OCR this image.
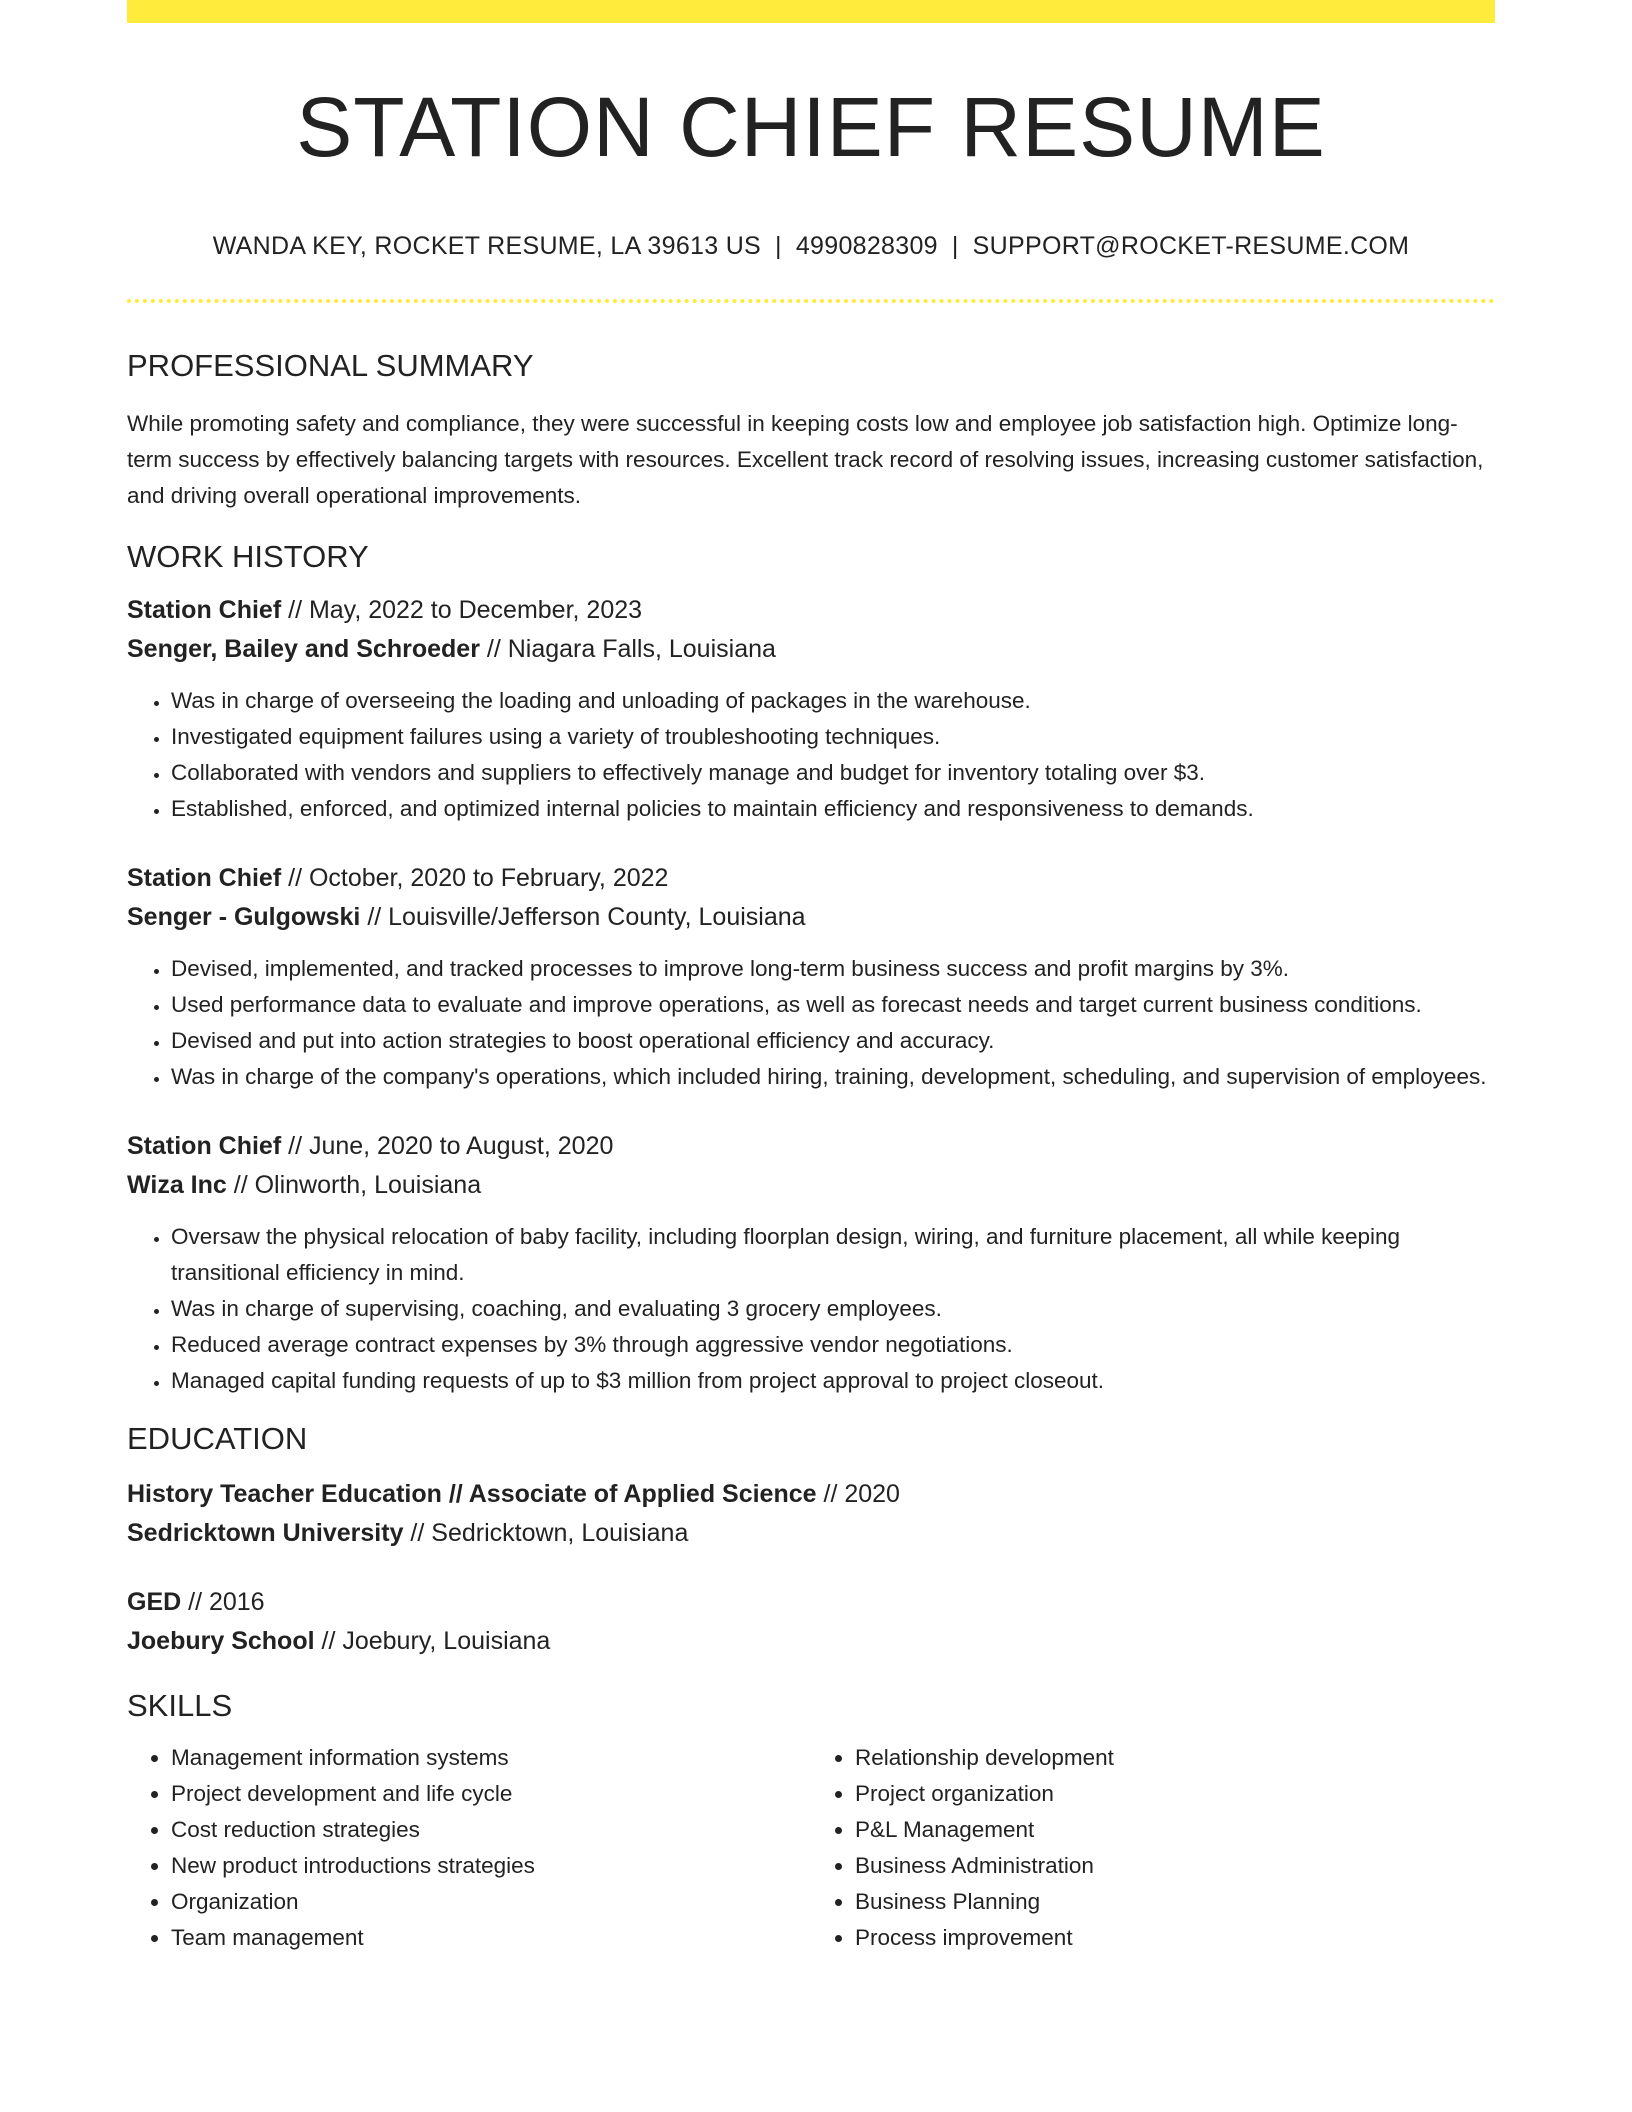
STATION CHIEF RESUME
WANDA KEY, ROCKET RESUME, LA 39613 US | 4990828309 | SUPPORT@ROCKET-RESUME.COM
PROFESSIONAL SUMMARY
While promoting safety and compliance, they were successful in keeping costs low and employee job satisfaction high. Optimize long-term success by effectively balancing targets with resources. Excellent track record of resolving issues, increasing customer satisfaction, and driving overall operational improvements.
WORK HISTORY
Station Chief // May, 2022 to December, 2023
Senger, Bailey and Schroeder // Niagara Falls, Louisiana
• Was in charge of overseeing the loading and unloading of packages in the warehouse.
• Investigated equipment failures using a variety of troubleshooting techniques.
• Collaborated with vendors and suppliers to effectively manage and budget for inventory totaling over $3.
• Established, enforced, and optimized internal policies to maintain efficiency and responsiveness to demands.
Station Chief // October, 2020 to February, 2022
Senger - Gulgowski // Louisville/Jefferson County, Louisiana
• Devised, implemented, and tracked processes to improve long-term business success and profit margins by 3%.
• Used performance data to evaluate and improve operations, as well as forecast needs and target current business conditions.
• Devised and put into action strategies to boost operational efficiency and accuracy.
• Was in charge of the company's operations, which included hiring, training, development, scheduling, and supervision of employees.
Station Chief // June, 2020 to August, 2020
Wiza Inc // Olinworth, Louisiana
• Oversaw the physical relocation of baby facility, including floorplan design, wiring, and furniture placement, all while keeping transitional efficiency in mind.
• Was in charge of supervising, coaching, and evaluating 3 grocery employees.
• Reduced average contract expenses by 3% through aggressive vendor negotiations.
• Managed capital funding requests of up to $3 million from project approval to project closeout.
EDUCATION
History Teacher Education // Associate of Applied Science // 2020
Sedricktown University // Sedricktown, Louisiana
GED // 2016
Joebury School // Joebury, Louisiana
SKILLS
• Management information systems
• Project development and life cycle
• Cost reduction strategies
• New product introductions strategies
• Organization
• Team management
• Relationship development
• Project organization
• P&L Management
• Business Administration
• Business Planning
• Process improvement
